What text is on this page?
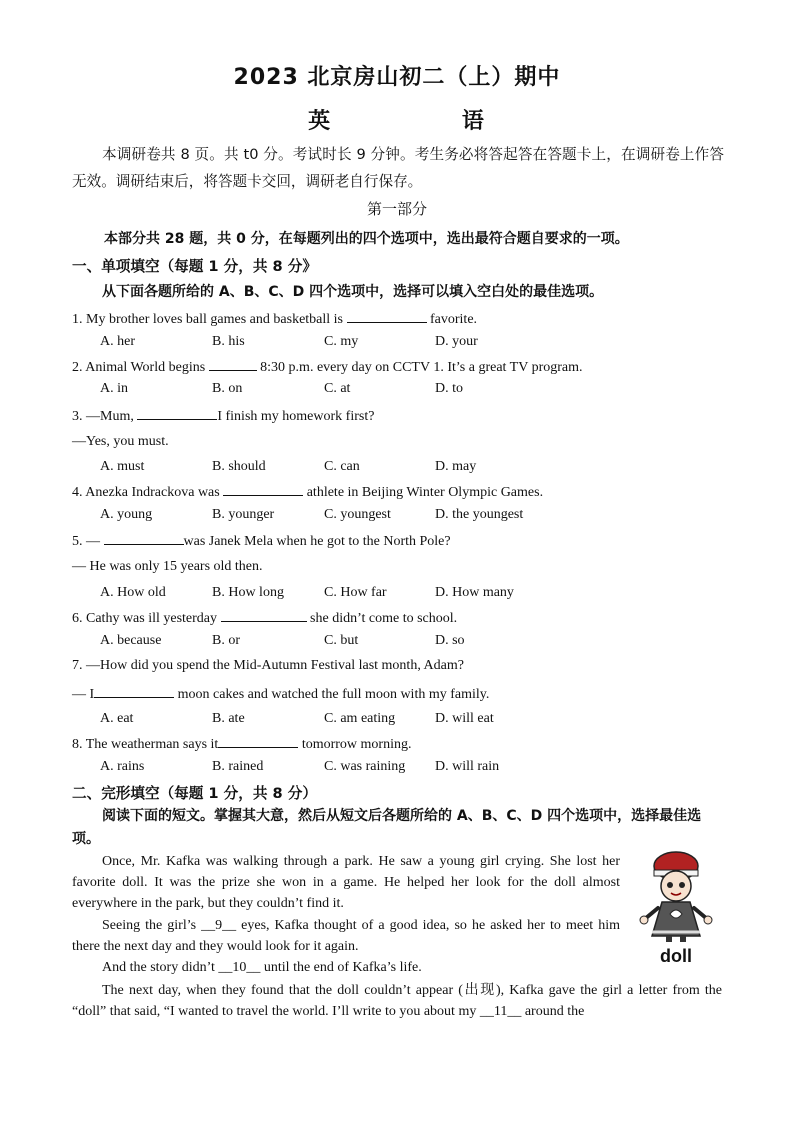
2023 北京房山初二（上）期中
英 语
本调研卷共 8 页。共 t0 分。考试时长 9 分钟。考生务必将答起答在答题卡上，在调研卷上作答无效。调研结束后，将答题卡交回，调研老自行保存。
第一部分
本部分共 28 题，共 0 分，在每题列出的四个选项中，选出最符合题自要求的一项。
一、单项填空（每题 1 分，共 8 分》
从下面各题所给的 A、B、C、D 四个选项中，选择可以填入空白处的最佳选项。
1. My brother loves ball games and basketball is	favorite.
A. her	B. his	C. my	D. your
2. Animal World begins	8:30 p.m. every day on CCTV 1. It’s a great TV program.
A. in	B. on	C. at	D. to
3. —Mum,	I finish my homework first?
—Yes, you must.
A. must	B. should	C. can	D. may
4. Anezka Indrackova was	athlete in Beijing Winter Olympic Games.
A. young	B. younger	C. youngest	D. the youngest
5. —	was Janek Mela when he got to the North Pole?
— He was only 15 years old then.
A. How old	B. How long	C. How far	D. How many
6. Cathy was ill yesterday	she didn’t come to school.
A. because	B. or	C. but	D. so
7. —How did you spend the Mid-Autumn Festival last month, Adam?
— I	moon cakes and watched the full moon with my family.
A. eat	B. ate	C. am eating	D. will eat
8. The weatherman says it	tomorrow morning.
A. rains	B. rained	C. was raining D. will rain
二、完形填空（每题 1 分，共 8 分）
阅读下面的短文。掌握其大意，然后从短文后各题所给的 A、B、C、D 四个选项中，选择最佳选项。

Once, Mr. Kafka was walking through a park. He saw a young girl crying. She lost her favorite doll. It was the prize she won in a game. He helped her look for the doll almost everywhere in the park, but they couldn’t find it.

Seeing the girl’s __9__ eyes, Kafka thought of a good idea, so he asked her to meet him there the next day and they would look for it again.

And the story didn’t __10__ until the end of Kafka’s life.

The next day, when they found that the doll couldn’t appear (出现), Kafka gave the girl a letter from the “doll” that said, “I wanted to travel the world. I’ll write to you about my __11__ around the

doll
